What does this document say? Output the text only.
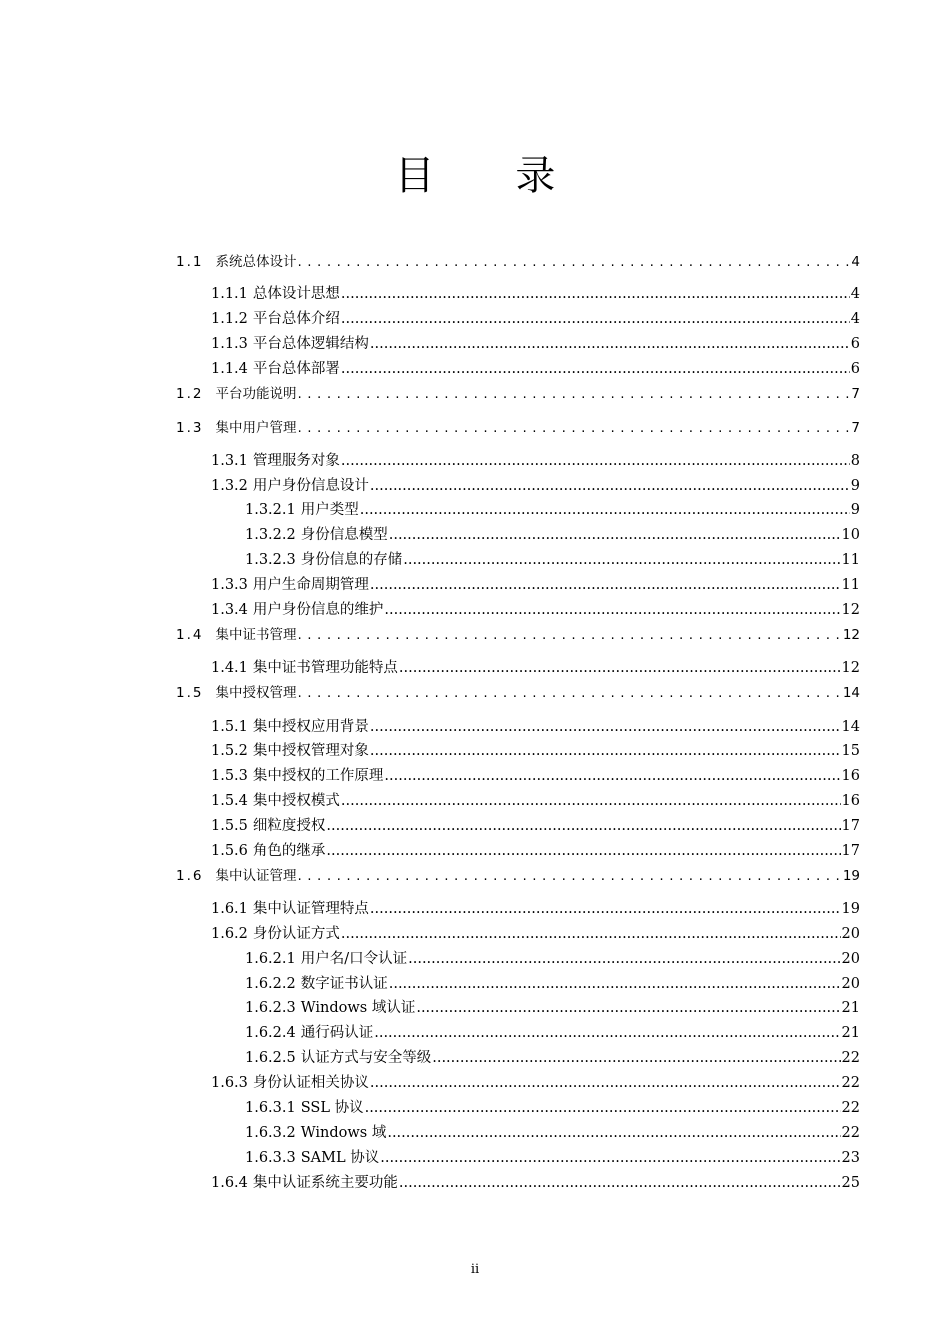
目 录
1.1 系统总体设计 . . .	4
1.1.1 总体设计思想 .....	4
1.1.2 平台总体介绍 .....	4
1.1.3 平台总体逻辑结构 .....	6
1.1.4 平台总体部署 .....	6
1.2 平台功能说明 . . .	7
1.3 集中用户管理 . . .	7
1.3.1 管理服务对象 .....	8
1.3.2 用户身份信息设计 .....	9
1.3.2.1 用户类型 .....	9
1.3.2.2 身份信息模型 .....	10
1.3.2.3 身份信息的存储 .....	11
1.3.3 用户生命周期管理 .....	11
1.3.4 用户身份信息的维护 .....	12
1.4 集中证书管理 . . .	12
1.4.1 集中证书管理功能特点 .....	12
1.5 集中授权管理 . . .	14
1.5.1 集中授权应用背景 .....	14
1.5.2 集中授权管理对象 .....	15
1.5.3 集中授权的工作原理 .....	16
1.5.4 集中授权模式 .....	16
1.5.5 细粒度授权 .....	17
1.5.6 角色的继承 .....	17
1.6 集中认证管理 . . .	19
1.6.1 集中认证管理特点 .....	19
1.6.2 身份认证方式 .....	20
1.6.2.1 用户名/口令认证 .....	20
1.6.2.2 数字证书认证 .....	20
1.6.2.3 Windows 域认证 .....	21
1.6.2.4 通行码认证 .....	21
1.6.2.5 认证方式与安全等级 .....	22
1.6.3 身份认证相关协议 .....	22
1.6.3.1 SSL 协议 .....	22
1.6.3.2 Windows 域 .....	22
1.6.3.3 SAML 协议 .....	23
1.6.4 集中认证系统主要功能 .....	25
ii
